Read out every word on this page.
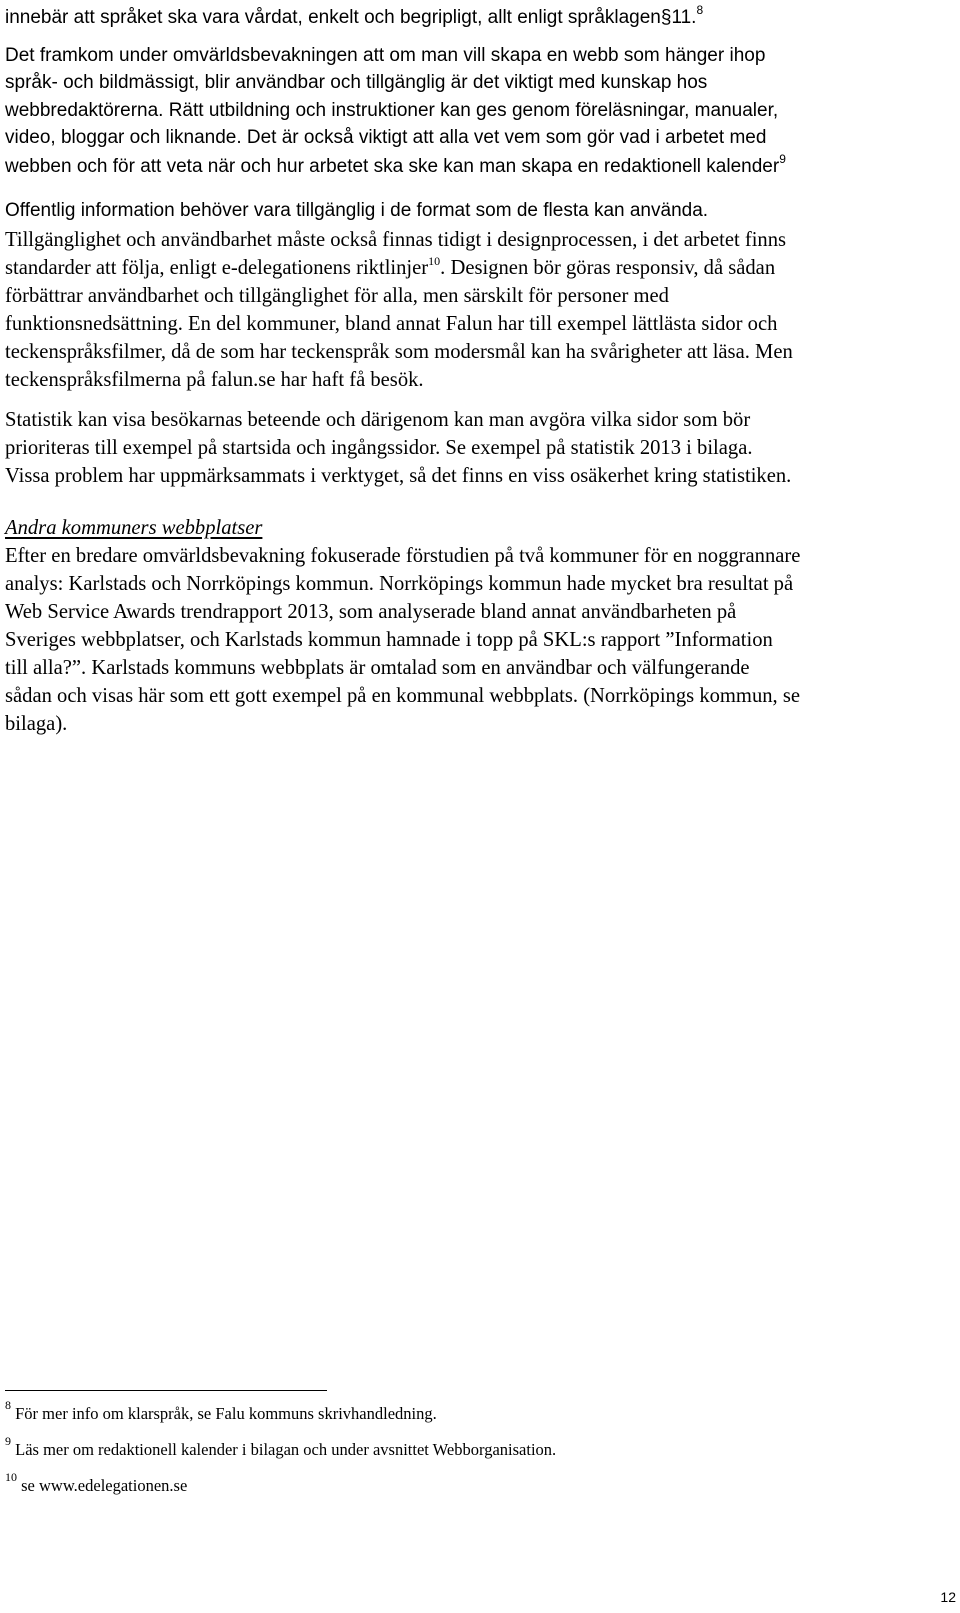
innebär att språket ska vara vårdat, enkelt och begripligt, allt enligt språklagen§11.$^8$
Det framkom under omvärldsbevakningen att om man vill skapa en webb som hänger ihop
språk- och bildmässigt, blir användbar och tillgänglig är det viktigt med kunskap hos
webbredaktörerna. Rätt utbildning och instruktioner kan ges genom föreläsningar, manualer,
video, bloggar och liknande. Det är också viktigt att alla vet vem som gör vad i arbetet med
webben och för att veta när och hur arbetet ska ske kan man skapa en redaktionell kalender$^9$
Offentlig information behöver vara tillgänglig i de format som de flesta kan använda.
Tillgänglighet och användbarhet måste också finnas tidigt i designprocessen, i det arbetet finns
standarder att följa, enligt e-delegationens riktlinjer$^{10}$. Designen bör göras responsiv, då sådan
förbättrar användbarhet och tillgänglighet för alla, men särskilt för personer med
funktionsnedsättning. En del kommuner, bland annat Falun har till exempel lättlästa sidor och
teckenspråksfilmer, då de som har teckenspråk som modersmål kan ha svårigheter att läsa. Men
teckenspråksfilmerna på falun.se har haft få besök.
Statistik kan visa besökarnas beteende och därigenom kan man avgöra vilka sidor som bör
prioriteras till exempel på startsida och ingångssidor. Se exempel på statistik 2013 i bilaga.
Vissa problem har uppmärksammats i verktyget, så det finns en viss osäkerhet kring statistiken.
Andra kommuners webbplatser
Efter en bredare omvärldsbevakning fokuserade förstudien på två kommuner för en noggrannare
analys: Karlstads och Norrköpings kommun. Norrköpings kommun hade mycket bra resultat på
Web Service Awards trendrapport 2013, som analyserade bland annat användbarheten på
Sveriges webbplatser, och Karlstads kommun hamnade i topp på SKL:s rapport ”Information
till alla?”. Karlstads kommuns webbplats är omtalad som en användbar och välfungerande
sådan och visas här som ett gott exempel på en kommunal webbplats. (Norrköpings kommun, se
bilaga).
$^8$ För mer info om klarspråk, se Falu kommuns skrivhandledning.
$^9$ Läs mer om redaktionell kalender i bilagan och under avsnittet Webborganisation.
$^{10}$ se www.edelegationen.se
12
